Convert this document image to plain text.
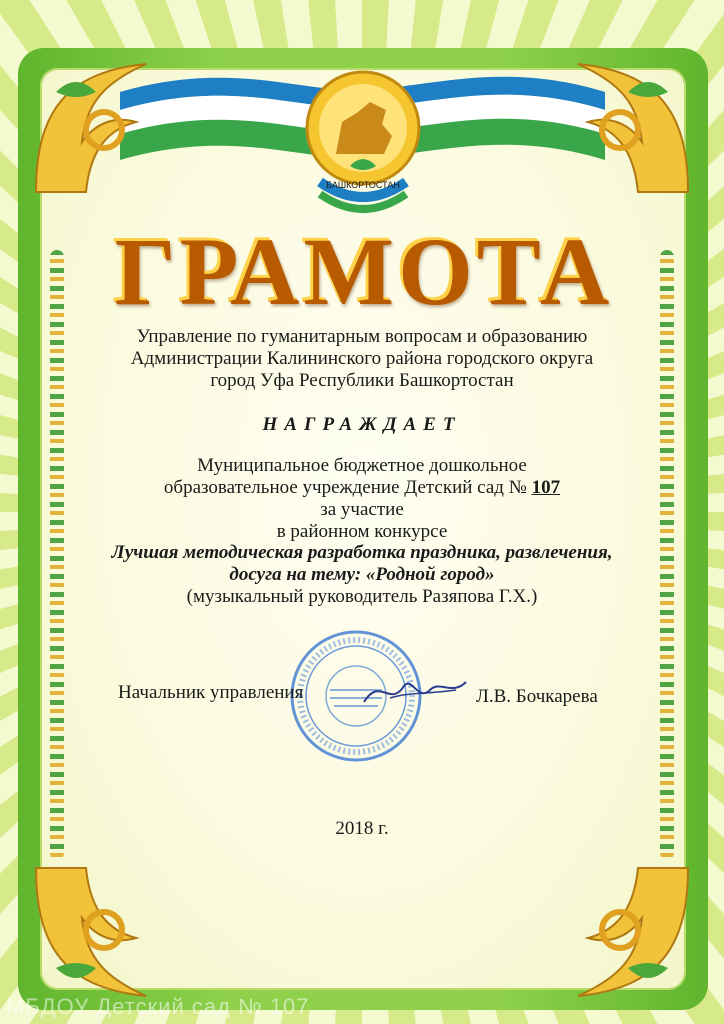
БАШКОРТОСТАН
ГРАМОТА
Управление по гуманитарным вопросам и образованию
Администрации Калининского района городского округа
город Уфа Республики Башкортостан
НАГРАЖДАЕТ
Муниципальное бюджетное дошкольное
образовательное учреждение Детский сад № 107
за участие
в районном конкурсе
Лучшая методическая разработка праздника, развлечения,
досуга на тему: «Родной город»
(музыкальный руководитель Разяпова Г.Х.)
Начальник управления	Л.В. Бочкарева
2018 г.
МБДОУ Детский сад № 107
